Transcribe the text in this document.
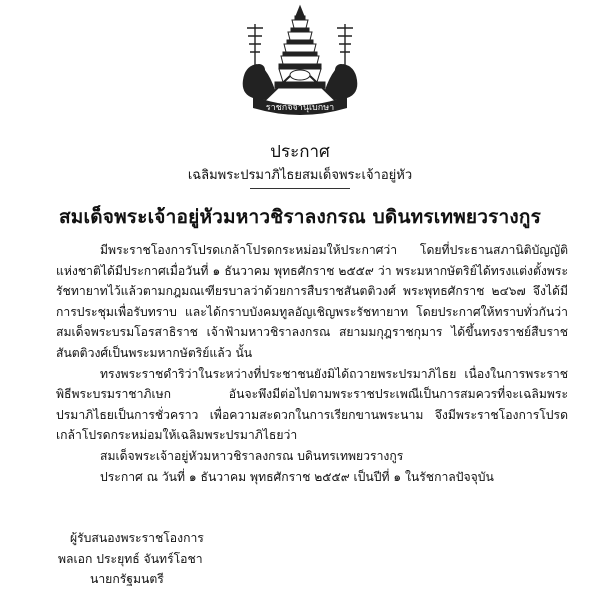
ราชกิจจานุเบกษา
ประกาศ
เฉลิมพระปรมาภิไธยสมเด็จพระเจ้าอยู่หัว
สมเด็จพระเจ้าอยู่หัวมหาวชิราลงกรณ บดินทรเทพยวรางกูร

มีพระราชโองการโปรดเกล้าโปรดกระหม่อมให้ประกาศว่า โดยที่ประธานสภานิติบัญญัติแห่งชาติได้มีประกาศเมื่อวันที่ ๑ ธันวาคม พุทธศักราช ๒๕๕๙ ว่า พระมหากษัตริย์ได้ทรงแต่งตั้งพระรัชทายาทไว้แล้วตามกฎมณเฑียรบาลว่าด้วยการสืบราชสันตติวงศ์ พระพุทธศักราช ๒๔๖๗ จึงได้มีการประชุมเพื่อรับทราบ และได้กราบบังคมทูลอัญเชิญพระรัชทายาท โดยประกาศให้ทราบทั่วกันว่าสมเด็จพระบรมโอรสาธิราช เจ้าฟ้ามหาวชิราลงกรณ สยามมกุฎราชกุมาร ได้ขึ้นทรงราชย์สืบราชสันตติวงศ์เป็นพระมหากษัตริย์แล้ว นั้น

ทรงพระราชดำริว่าในระหว่างที่ประชาชนยังมิได้ถวายพระปรมาภิไธย เนื่องในการพระราชพิธีพระบรมราชาภิเษก อันจะพึงมีต่อไปตามพระราชประเพณีเป็นการสมควรที่จะเฉลิมพระปรมาภิไธยเป็นการชั่วคราว เพื่อความสะดวกในการเรียกขานพระนาม จึงมีพระราชโองการโปรดเกล้าโปรดกระหม่อมให้เฉลิมพระปรมาภิไธยว่า

สมเด็จพระเจ้าอยู่หัวมหาวชิราลงกรณ บดินทรเทพยวรางกูร

ประกาศ ณ วันที่ ๑ ธันวาคม พุทธศักราช ๒๕๕๙ เป็นปีที่ ๑ ในรัชกาลปัจจุบัน

ผู้รับสนองพระราชโองการ
พลเอก ประยุทธ์ จันทร์โอชา
นายกรัฐมนตรี
